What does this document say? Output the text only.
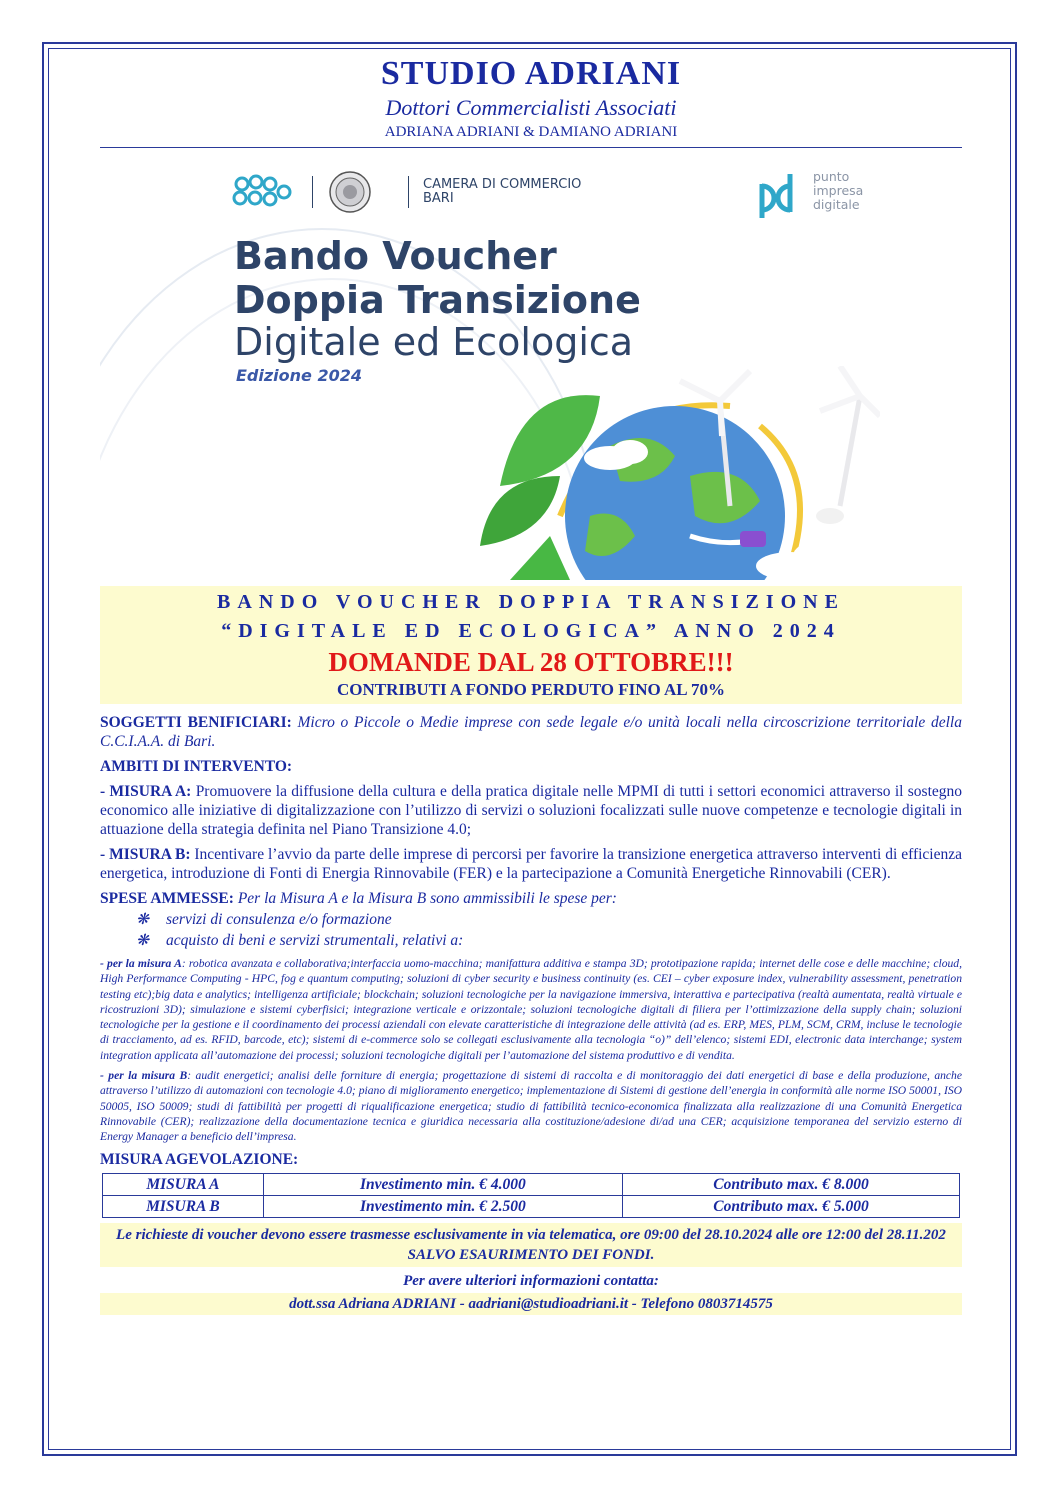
STUDIO ADRIANI
Dottori Commercialisti Associati
ADRIANA ADRIANI & DAMIANO ADRIANI
CAMERA DI COMMERCIO
BARI
punto
impresa
digitale
Bando Voucher
Doppia Transizione
Digitale ed Ecologica
Edizione 2024
BANDO VOUCHER DOPPIA TRANSIZIONE
“DIGITALE ED ECOLOGICA” ANNO 2024
DOMANDE DAL 28 OTTOBRE!!!
CONTRIBUTI A FONDO PERDUTO FINO AL 70%

SOGGETTI BENIFICIARI: Micro o Piccole o Medie imprese con sede legale e/o unità locali nella circoscrizione territoriale della C.C.I.A.A. di Bari.

AMBITI DI INTERVENTO:

- MISURA A: Promuovere la diffusione della cultura e della pratica digitale nelle MPMI di tutti i settori economici attraverso il sostegno economico alle iniziative di digitalizzazione con l’utilizzo di servizi o soluzioni focalizzati sulle nuove competenze e tecnologie digitali in attuazione della strategia definita nel Piano Transizione 4.0;

- MISURA B: Incentivare l’avvio da parte delle imprese di percorsi per favorire la transizione energetica attraverso interventi di efficienza energetica, introduzione di Fonti di Energia Rinnovabile (FER) e la partecipazione a Comunità Energetiche Rinnovabili (CER).

SPESE AMMESSE: Per la Misura A e la Misura B sono ammissibili le spese per:

❋ servizi di consulenza e/o formazione
❋ acquisto di beni e servizi strumentali, relativi a:

- per la misura A: robotica avanzata e collaborativa;interfaccia uomo-macchina; manifattura additiva e stampa 3D; prototipazione rapida; internet delle cose e delle macchine; cloud, High Performance Computing - HPC, fog e quantum computing; soluzioni di cyber security e business continuity (es. CEI – cyber exposure index, vulnerability assessment, penetration testing etc);big data e analytics; intelligenza artificiale; blockchain; soluzioni tecnologiche per la navigazione immersiva, interattiva e partecipativa (realtà aumentata, realtà virtuale e ricostruzioni 3D); simulazione e sistemi cyberfisici; integrazione verticale e orizzontale; soluzioni tecnologiche digitali di filiera per l’ottimizzazione della supply chain; soluzioni tecnologiche per la gestione e il coordinamento dei processi aziendali con elevate caratteristiche di integrazione delle attività (ad es. ERP, MES, PLM, SCM, CRM, incluse le tecnologie di tracciamento, ad es. RFID, barcode, etc); sistemi di e-commerce solo se collegati esclusivamente alla tecnologia “o)” dell’elenco; sistemi EDI, electronic data interchange; system integration applicata all’automazione dei processi; soluzioni tecnologiche digitali per l’automazione del sistema produttivo e di vendita.

- per la misura B: audit energetici; analisi delle forniture di energia; progettazione di sistemi di raccolta e di monitoraggio dei dati energetici di base e della produzione, anche attraverso l’utilizzo di automazioni con tecnologie 4.0; piano di miglioramento energetico; implementazione di Sistemi di gestione dell’energia in conformità alle norme ISO 50001, ISO 50005, ISO 50009; studi di fattibilità per progetti di riqualificazione energetica; studio di fattibilità tecnico-economica finalizzata alla realizzazione di una Comunità Energetica Rinnovabile (CER); realizzazione della documentazione tecnica e giuridica necessaria alla costituzione/adesione di/ad una CER; acquisizione temporanea del servizio esterno di Energy Manager a beneficio dell’impresa.

MISURA AGEVOLAZIONE:

MISURA A	Investimento min. € 4.000	Contributo max. € 8.000
MISURA B	Investimento min. € 2.500	Contributo max. € 5.000
Le richieste di voucher devono essere trasmesse esclusivamente in via telematica, ore 09:00 del 28.10.2024 alle ore 12:00 del 28.11.202 SALVO ESAURIMENTO DEI FONDI.
Per avere ulteriori informazioni contatta:
dott.ssa Adriana ADRIANI - aadriani@studioadriani.it - Telefono 0803714575
